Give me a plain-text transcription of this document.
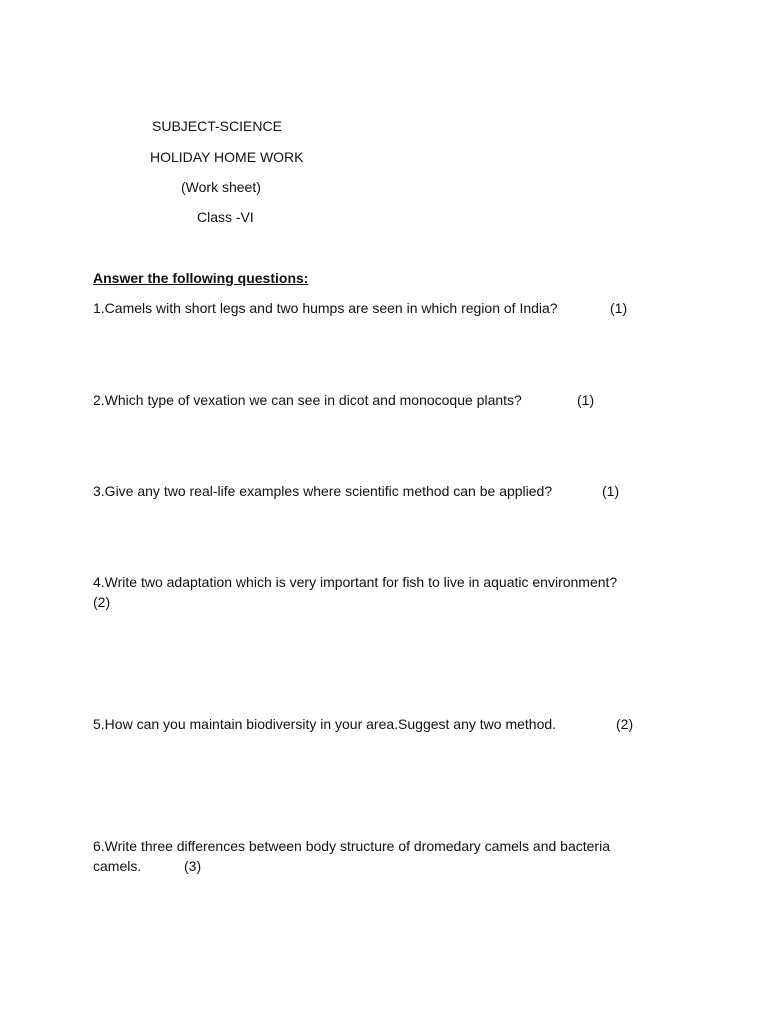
SUBJECT-SCIENCE
HOLIDAY HOME WORK
(Work sheet)
Class -VI
Answer the following questions:
1.Camels with short legs and two humps are seen in which region of India?	(1)
2.Which type of vexation we can see in dicot and monocoque plants?	(1)
3.Give any two real-life examples where scientific method can be applied?	(1)
4.Write two adaptation which is very important for fish to live in aquatic environment?
(2)
5.How can you maintain biodiversity in your area.Suggest any two method.	(2)
6.Write three differences between body structure of dromedary camels and bacteria
camels.	(3)
